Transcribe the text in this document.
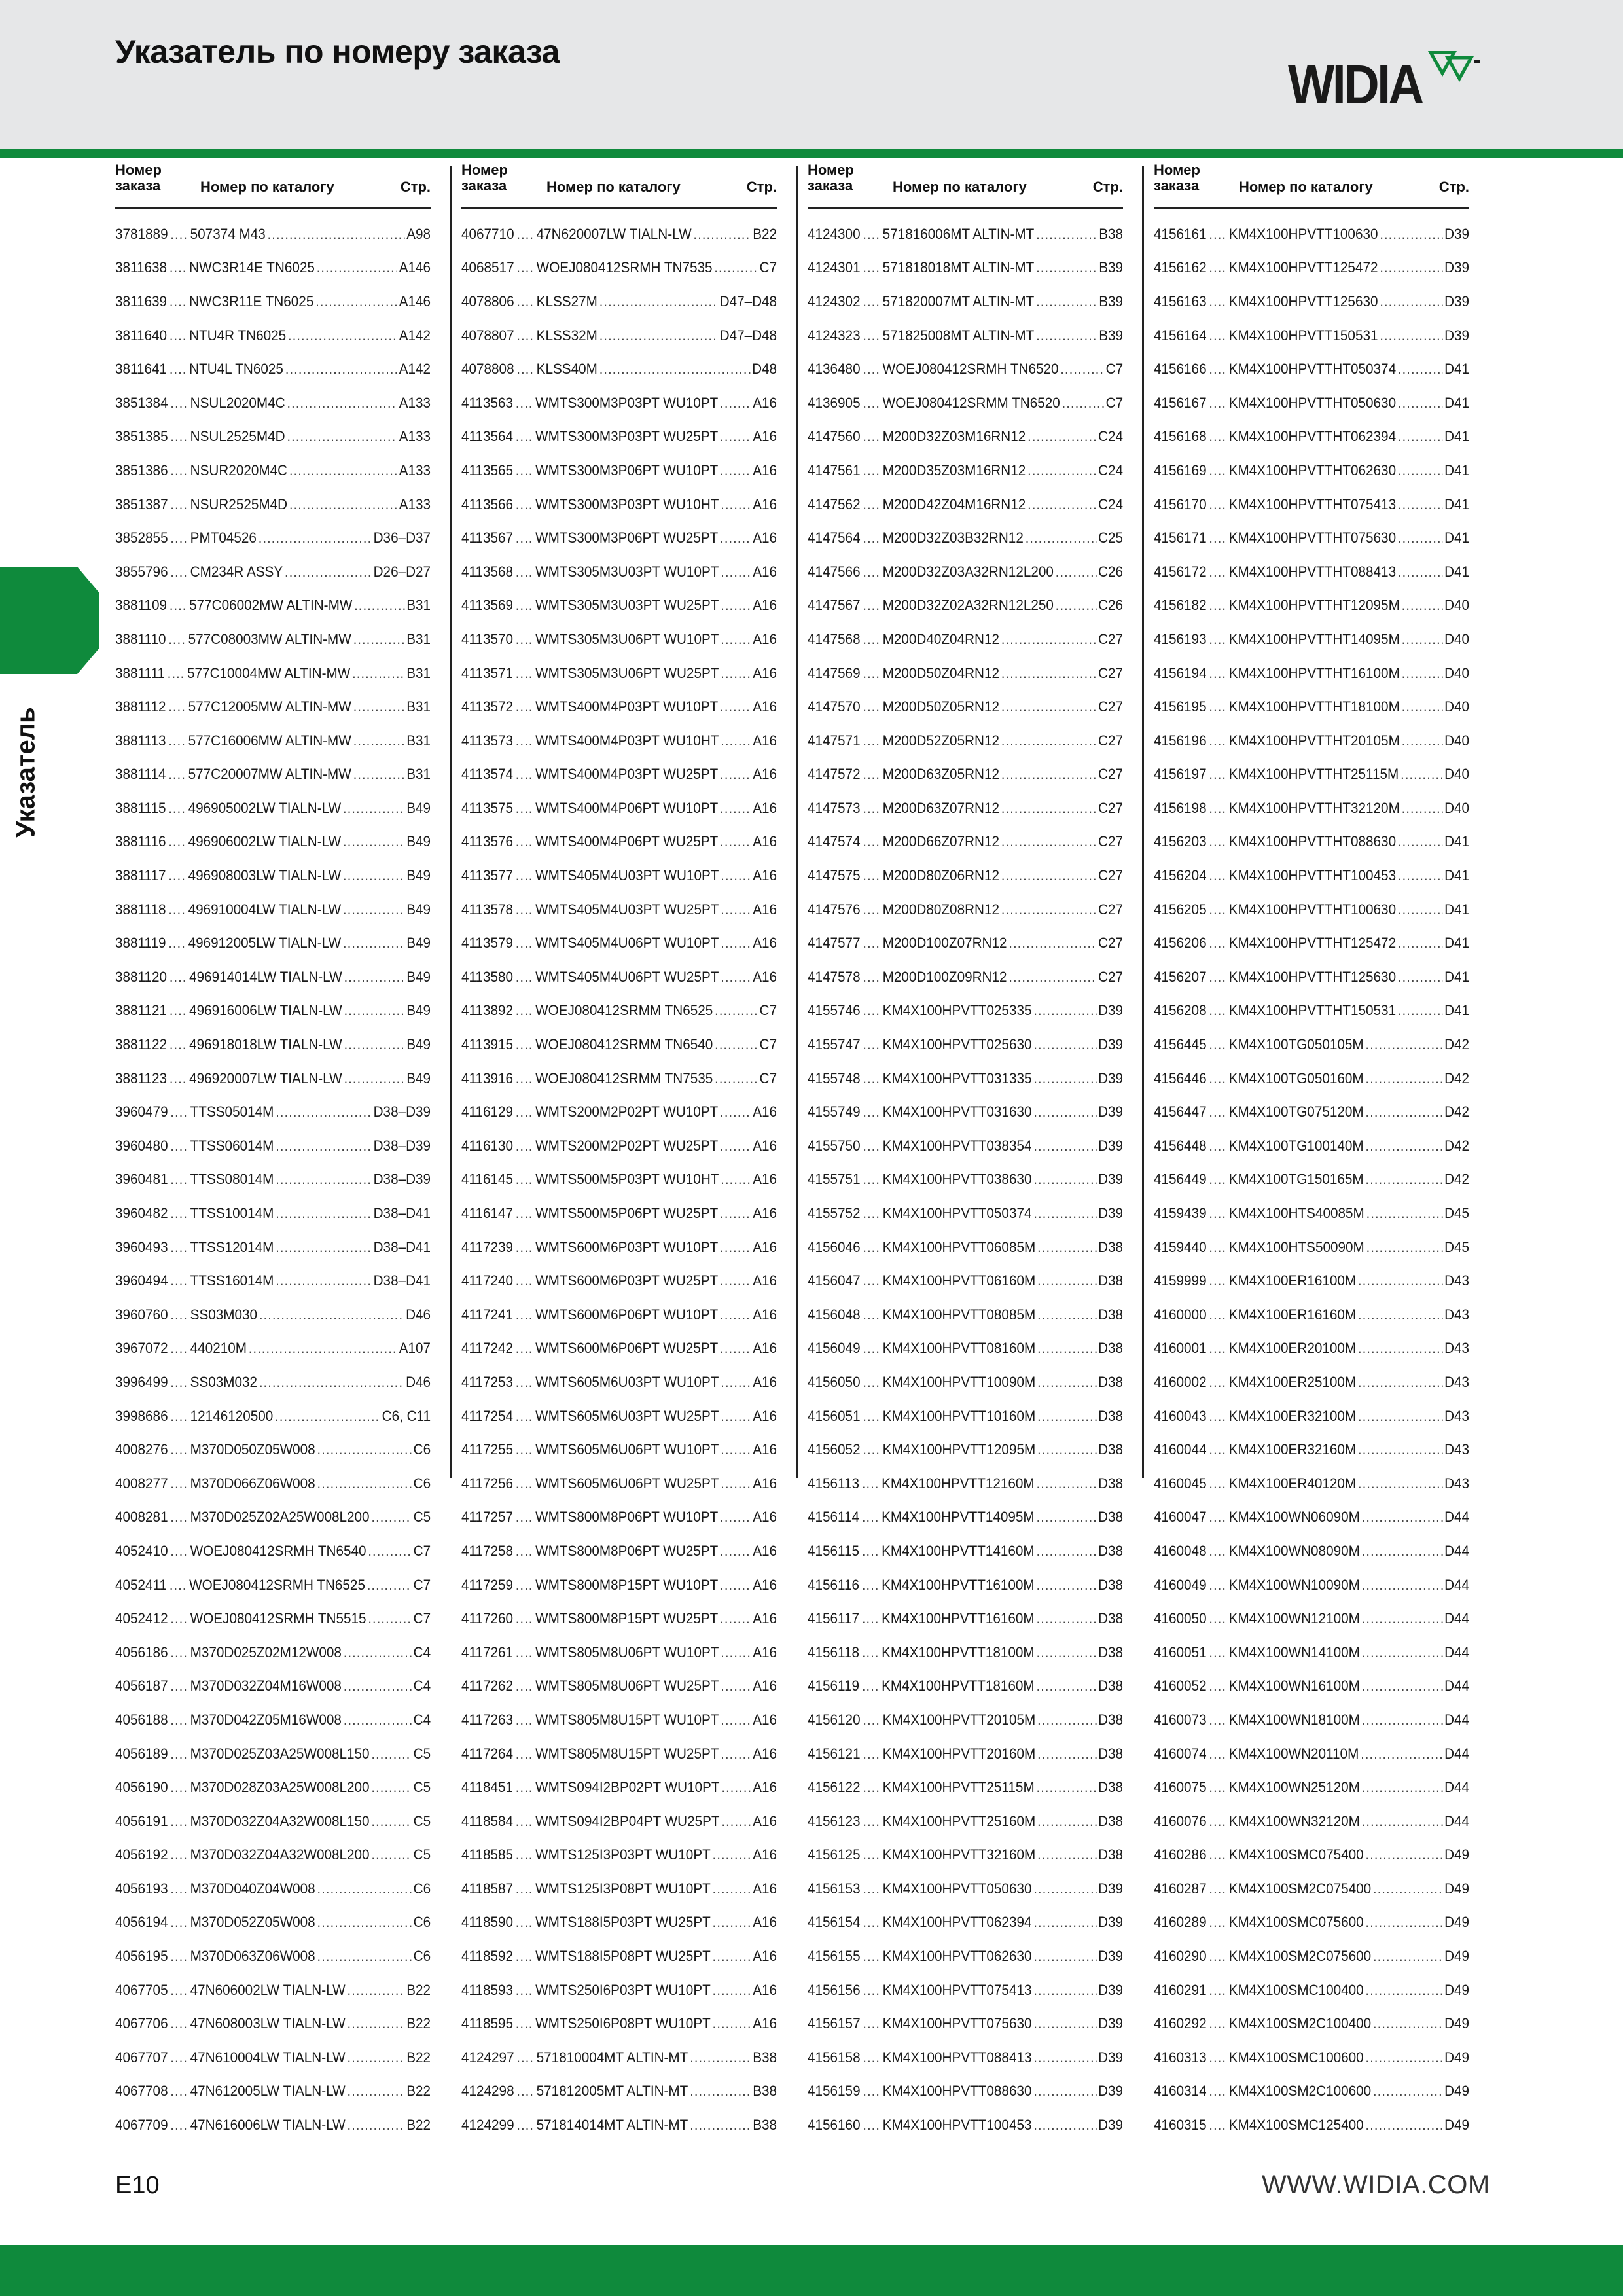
Указатель по номеру заказа
WIDIA
Указатель
Номер
заказа	Номер по каталогу	Стр.
3781889 .... 507374 M43 .....	A98
3811638 .... NWC3R14E TN6025 .....	A146
3811639 .... NWC3R11E TN6025 .....	A146
3811640 .... NTU4R TN6025 .....	A142
3811641 .... NTU4L TN6025 .....	A142
3851384 .... NSUL2020M4C .....	A133
3851385 .... NSUL2525M4D .....	A133
3851386 .... NSUR2020M4C .....	A133
3851387 .... NSUR2525M4D .....	A133
3852855 .... PMT04526 .....	D36–D37
3855796 .... CM234R ASSY .....	D26–D27
3881109 .... 577C06002MW ALTIN-MW .....	B31
3881110 .... 577C08003MW ALTIN-MW .....	B31
3881111 .... 577C10004MW ALTIN-MW .....	B31
3881112 .... 577C12005MW ALTIN-MW .....	B31
3881113 .... 577C16006MW ALTIN-MW .....	B31
3881114 .... 577C20007MW ALTIN-MW .....	B31
3881115 .... 496905002LW TIALN-LW .....	B49
3881116 .... 496906002LW TIALN-LW .....	B49
3881117 .... 496908003LW TIALN-LW .....	B49
3881118 .... 496910004LW TIALN-LW .....	B49
3881119 .... 496912005LW TIALN-LW .....	B49
3881120 .... 496914014LW TIALN-LW .....	B49
3881121 .... 496916006LW TIALN-LW .....	B49
3881122 .... 496918018LW TIALN-LW .....	B49
3881123 .... 496920007LW TIALN-LW .....	B49
3960479 .... TTSS05014M .....	D38–D39
3960480 .... TTSS06014M .....	D38–D39
3960481 .... TTSS08014M .....	D38–D39
3960482 .... TTSS10014M .....	D38–D41
3960493 .... TTSS12014M .....	D38–D41
3960494 .... TTSS16014M .....	D38–D41
3960760 .... SS03M030 .....	D46
3967072 .... 440210M .....	A107
3996499 .... SS03M032 .....	D46
3998686 .... 12146120500 .....	C6, C11
4008276 .... M370D050Z05W008 .....	C6
4008277 .... M370D066Z06W008 .....	C6
4008281 .... M370D025Z02A25W008L200 .....	C5
4052410 .... WOEJ080412SRMH TN6540 .....	C7
4052411 .... WOEJ080412SRMH TN6525 .....	C7
4052412 .... WOEJ080412SRMH TN5515 .....	C7
4056186 .... M370D025Z02M12W008 .....	C4
4056187 .... M370D032Z04M16W008 .....	C4
4056188 .... M370D042Z05M16W008 .....	C4
4056189 .... M370D025Z03A25W008L150 .....	C5
4056190 .... M370D028Z03A25W008L200 .....	C5
4056191 .... M370D032Z04A32W008L150 .....	C5
4056192 .... M370D032Z04A32W008L200 .....	C5
4056193 .... M370D040Z04W008 .....	C6
4056194 .... M370D052Z05W008 .....	C6
4056195 .... M370D063Z06W008 .....	C6
4067705 .... 47N606002LW TIALN-LW .....	B22
4067706 .... 47N608003LW TIALN-LW .....	B22
4067707 .... 47N610004LW TIALN-LW .....	B22
4067708 .... 47N612005LW TIALN-LW .....	B22
4067709 .... 47N616006LW TIALN-LW .....	B22
Номер
заказа	Номер по каталогу	Стр.
4067710 .... 47N620007LW TIALN-LW .....	B22
4068517 .... WOEJ080412SRMH TN7535 .....	C7
4078806 .... KLSS27M .....	D47–D48
4078807 .... KLSS32M .....	D47–D48
4078808 .... KLSS40M .....	D48
4113563 .... WMTS300M3P03PT WU10PT ..... A16
4113564 .... WMTS300M3P03PT WU25PT ..... A16
4113565 .... WMTS300M3P06PT WU10PT ..... A16
4113566 .... WMTS300M3P03PT WU10HT ..... A16
4113567 .... WMTS300M3P06PT WU25PT ..... A16
4113568 .... WMTS305M3U03PT WU10PT ..... A16
4113569 .... WMTS305M3U03PT WU25PT ..... A16
4113570 .... WMTS305M3U06PT WU10PT ..... A16
4113571 .... WMTS305M3U06PT WU25PT ..... A16
4113572 .... WMTS400M4P03PT WU10PT ..... A16
4113573 .... WMTS400M4P03PT WU10HT ..... A16
4113574 .... WMTS400M4P03PT WU25PT ..... A16
4113575 .... WMTS400M4P06PT WU10PT ..... A16
4113576 .... WMTS400M4P06PT WU25PT ..... A16
4113577 .... WMTS405M4U03PT WU10PT ..... A16
4113578 .... WMTS405M4U03PT WU25PT ..... A16
4113579 .... WMTS405M4U06PT WU10PT ..... A16
4113580 .... WMTS405M4U06PT WU25PT ..... A16
4113892 .... WOEJ080412SRMM TN6525 .....	C7
4113915 .... WOEJ080412SRMM TN6540 .....	C7
4113916 .... WOEJ080412SRMM TN7535 .....	C7
4116129 .... WMTS200M2P02PT WU10PT ..... A16
4116130 .... WMTS200M2P02PT WU25PT ..... A16
4116145 .... WMTS500M5P03PT WU10HT ..... A16
4116147 .... WMTS500M5P06PT WU25PT ..... A16
4117239 .... WMTS600M6P03PT WU10PT ..... A16
4117240 .... WMTS600M6P03PT WU25PT ..... A16
4117241 .... WMTS600M6P06PT WU10PT ..... A16
4117242 .... WMTS600M6P06PT WU25PT ..... A16
4117253 .... WMTS605M6U03PT WU10PT ..... A16
4117254 .... WMTS605M6U03PT WU25PT ..... A16
4117255 .... WMTS605M6U06PT WU10PT ..... A16
4117256 .... WMTS605M6U06PT WU25PT ..... A16
4117257 .... WMTS800M8P06PT WU10PT ..... A16
4117258 .... WMTS800M8P06PT WU25PT ..... A16
4117259 .... WMTS800M8P15PT WU10PT ..... A16
4117260 .... WMTS800M8P15PT WU25PT ..... A16
4117261 .... WMTS805M8U06PT WU10PT ..... A16
4117262 .... WMTS805M8U06PT WU25PT ..... A16
4117263 .... WMTS805M8U15PT WU10PT ..... A16
4117264 .... WMTS805M8U15PT WU25PT ..... A16
4118451 .... WMTS094I2BP02PT WU10PT ..... A16
4118584 .... WMTS094I2BP04PT WU25PT ..... A16
4118585 .... WMTS125I3P03PT WU10PT .....	A16
4118587 .... WMTS125I3P08PT WU10PT .....	A16
4118590 .... WMTS188I5P03PT WU25PT .....	A16
4118592 .... WMTS188I5P08PT WU25PT .....	A16
4118593 .... WMTS250I6P03PT WU10PT .....	A16
4118595 .... WMTS250I6P08PT WU10PT .....	A16
4124297 .... 571810004MT ALTIN-MT .....	B38
4124298 .... 571812005MT ALTIN-MT .....	B38
4124299 .... 571814014MT ALTIN-MT .....	B38
Номер
заказа	Номер по каталогу	Стр.
4124300 .... 571816006MT ALTIN-MT .....	B38
4124301 .... 571818018MT ALTIN-MT .....	B39
4124302 .... 571820007MT ALTIN-MT .....	B39
4124323 .... 571825008MT ALTIN-MT .....	B39
4136480 .... WOEJ080412SRMH TN6520 .....	C7
4136905 .... WOEJ080412SRMM TN6520 .....	C7
4147560 .... M200D32Z03M16RN12 .....	C24
4147561 .... M200D35Z03M16RN12 .....	C24
4147562 .... M200D42Z04M16RN12 .....	C24
4147564 .... M200D32Z03B32RN12 .....	C25
4147566 .... M200D32Z03A32RN12L200 .....	C26
4147567 .... M200D32Z02A32RN12L250 .....	C26
4147568 .... M200D40Z04RN12 .....	C27
4147569 .... M200D50Z04RN12 .....	C27
4147570 .... M200D50Z05RN12 .....	C27
4147571 .... M200D52Z05RN12 .....	C27
4147572 .... M200D63Z05RN12 .....	C27
4147573 .... M200D63Z07RN12 .....	C27
4147574 .... M200D66Z07RN12 .....	C27
4147575 .... M200D80Z06RN12 .....	C27
4147576 .... M200D80Z08RN12 .....	C27
4147577 .... M200D100Z07RN12 .....	C27
4147578 .... M200D100Z09RN12 .....	C27
4155746 .... KM4X100HPVTT025335 .....	D39
4155747 .... KM4X100HPVTT025630 .....	D39
4155748 .... KM4X100HPVTT031335 .....	D39
4155749 .... KM4X100HPVTT031630 .....	D39
4155750 .... KM4X100HPVTT038354 .....	D39
4155751 .... KM4X100HPVTT038630 .....	D39
4155752 .... KM4X100HPVTT050374 .....	D39
4156046 .... KM4X100HPVTT06085M .....	D38
4156047 .... KM4X100HPVTT06160M .....	D38
4156048 .... KM4X100HPVTT08085M .....	D38
4156049 .... KM4X100HPVTT08160M .....	D38
4156050 .... KM4X100HPVTT10090M .....	D38
4156051 .... KM4X100HPVTT10160M .....	D38
4156052 .... KM4X100HPVTT12095M .....	D38
4156113 .... KM4X100HPVTT12160M .....	D38
4156114 .... KM4X100HPVTT14095M .....	D38
4156115 .... KM4X100HPVTT14160M .....	D38
4156116 .... KM4X100HPVTT16100M .....	D38
4156117 .... KM4X100HPVTT16160M .....	D38
4156118 .... KM4X100HPVTT18100M .....	D38
4156119 .... KM4X100HPVTT18160M .....	D38
4156120 .... KM4X100HPVTT20105M .....	D38
4156121 .... KM4X100HPVTT20160M .....	D38
4156122 .... KM4X100HPVTT25115M .....	D38
4156123 .... KM4X100HPVTT25160M .....	D38
4156125 .... KM4X100HPVTT32160M .....	D38
4156153 .... KM4X100HPVTT050630 .....	D39
4156154 .... KM4X100HPVTT062394 .....	D39
4156155 .... KM4X100HPVTT062630 .....	D39
4156156 .... KM4X100HPVTT075413 .....	D39
4156157 .... KM4X100HPVTT075630 .....	D39
4156158 .... KM4X100HPVTT088413 .....	D39
4156159 .... KM4X100HPVTT088630 .....	D39
4156160 .... KM4X100HPVTT100453 .....	D39
Номер
заказа	Номер по каталогу	Стр.
4156161 .... KM4X100HPVTT100630 .....	D39
4156162 .... KM4X100HPVTT125472 .....	D39
4156163 .... KM4X100HPVTT125630 .....	D39
4156164 .... KM4X100HPVTT150531 .....	D39
4156166 .... KM4X100HPVTTHT050374 .....	D41
4156167 .... KM4X100HPVTTHT050630 .....	D41
4156168 .... KM4X100HPVTTHT062394 .....	D41
4156169 .... KM4X100HPVTTHT062630 .....	D41
4156170 .... KM4X100HPVTTHT075413 .....	D41
4156171 .... KM4X100HPVTTHT075630 .....	D41
4156172 .... KM4X100HPVTTHT088413 .....	D41
4156182 .... KM4X100HPVTTHT12095M .....	D40
4156193 .... KM4X100HPVTTHT14095M .....	D40
4156194 .... KM4X100HPVTTHT16100M .....	D40
4156195 .... KM4X100HPVTTHT18100M .....	D40
4156196 .... KM4X100HPVTTHT20105M .....	D40
4156197 .... KM4X100HPVTTHT25115M .....	D40
4156198 .... KM4X100HPVTTHT32120M .....	D40
4156203 .... KM4X100HPVTTHT088630 .....	D41
4156204 .... KM4X100HPVTTHT100453 .....	D41
4156205 .... KM4X100HPVTTHT100630 .....	D41
4156206 .... KM4X100HPVTTHT125472 .....	D41
4156207 .... KM4X100HPVTTHT125630 .....	D41
4156208 .... KM4X100HPVTTHT150531 .....	D41
4156445 .... KM4X100TG050105M .....	D42
4156446 .... KM4X100TG050160M .....	D42
4156447 .... KM4X100TG075120M .....	D42
4156448 .... KM4X100TG100140M .....	D42
4156449 .... KM4X100TG150165M .....	D42
4159439 .... KM4X100HTS40085M .....	D45
4159440 .... KM4X100HTS50090M .....	D45
4159999 .... KM4X100ER16100M .....	D43
4160000 .... KM4X100ER16160M .....	D43
4160001 .... KM4X100ER20100M .....	D43
4160002 .... KM4X100ER25100M .....	D43
4160043 .... KM4X100ER32100M .....	D43
4160044 .... KM4X100ER32160M .....	D43
4160045 .... KM4X100ER40120M .....	D43
4160047 .... KM4X100WN06090M .....	D44
4160048 .... KM4X100WN08090M .....	D44
4160049 .... KM4X100WN10090M .....	D44
4160050 .... KM4X100WN12100M .....	D44
4160051 .... KM4X100WN14100M .....	D44
4160052 .... KM4X100WN16100M .....	D44
4160073 .... KM4X100WN18100M .....	D44
4160074 .... KM4X100WN20110M .....	D44
4160075 .... KM4X100WN25120M .....	D44
4160076 .... KM4X100WN32120M .....	D44
4160286 .... KM4X100SMC075400 .....	D49
4160287 .... KM4X100SM2C075400 .....	D49
4160289 .... KM4X100SMC075600 .....	D49
4160290 .... KM4X100SM2C075600 .....	D49
4160291 .... KM4X100SMC100400 .....	D49
4160292 .... KM4X100SM2C100400 .....	D49
4160313 .... KM4X100SMC100600 .....	D49
4160314 .... KM4X100SM2C100600 .....	D49
4160315 .... KM4X100SMC125400 .....	D49
E10	WWW.WIDIA.COM
